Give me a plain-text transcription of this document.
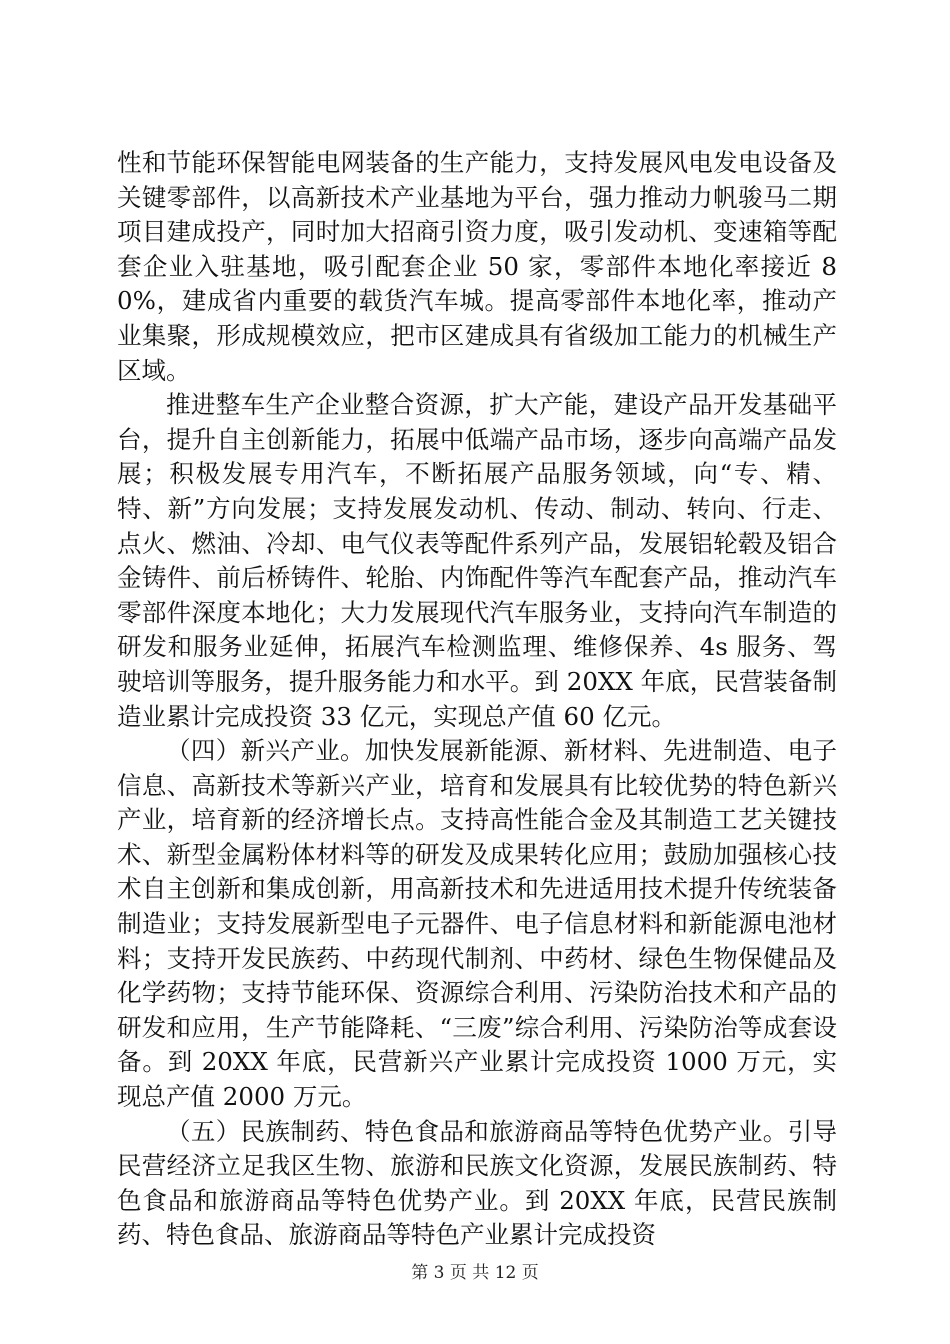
性和节能环保智能电网装备的生产能力，支持发展风电发电设备及关键零部件，以高新技术产业基地为平台，强力推动力帆骏马二期项目建成投产，同时加大招商引资力度，吸引发动机、变速箱等配套企业入驻基地，吸引配套企业 50 家，零部件本地化率接近 80%，建成省内重要的载货汽车城。提高零部件本地化率，推动产业集聚，形成规模效应，把市区建成具有省级加工能力的机械生产区域。

推进整车生产企业整合资源，扩大产能，建设产品开发基础平台，提升自主创新能力，拓展中低端产品市场，逐步向高端产品发展；积极发展专用汽车，不断拓展产品服务领域，向“专、精、特、新”方向发展；支持发展发动机、传动、制动、转向、行走、点火、燃油、冷却、电气仪表等配件系列产品，发展铝轮毂及铝合金铸件、前后桥铸件、轮胎、内饰配件等汽车配套产品，推动汽车零部件深度本地化；大力发展现代汽车服务业，支持向汽车制造的研发和服务业延伸，拓展汽车检测监理、维修保养、4s 服务、驾驶培训等服务，提升服务能力和水平。到 20XX 年底，民营装备制造业累计完成投资 33 亿元，实现总产值 60 亿元。

（四）新兴产业。加快发展新能源、新材料、先进制造、电子信息、高新技术等新兴产业，培育和发展具有比较优势的特色新兴产业，培育新的经济增长点。支持高性能合金及其制造工艺关键技术、新型金属粉体材料等的研发及成果转化应用；鼓励加强核心技术自主创新和集成创新，用高新技术和先进适用技术提升传统装备制造业；支持发展新型电子元器件、电子信息材料和新能源电池材料；支持开发民族药、中药现代制剂、中药材、绿色生物保健品及化学药物；支持节能环保、资源综合利用、污染防治技术和产品的研发和应用，生产节能降耗、“三废”综合利用、污染防治等成套设备。到 20XX 年底，民营新兴产业累计完成投资 1000 万元，实现总产值 2000 万元。

（五）民族制药、特色食品和旅游商品等特色优势产业。引导民营经济立足我区生物、旅游和民族文化资源，发展民族制药、特色食品和旅游商品等特色优势产业。到 20XX 年底，民营民族制药、特色食品、旅游商品等特色产业累计完成投资

第 3 页 共 12 页
